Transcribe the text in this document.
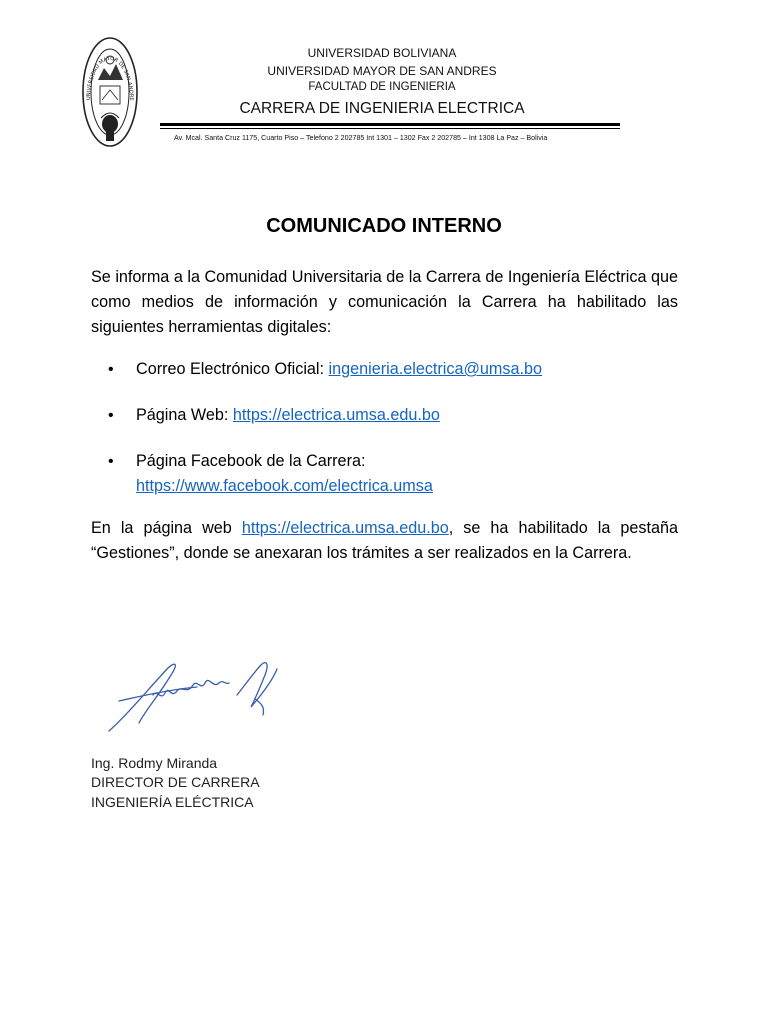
UNIVERSIDAD MAYOR DE SAN ANDRE
UNIVERSIDAD BOLIVIANA
UNIVERSIDAD MAYOR DE SAN ANDRES
FACULTAD DE INGENIERIA
CARRERA DE INGENIERIA ELECTRICA
Av. Mcal. Santa Cruz 1175, Cuarto Piso – Telefono 2 202785 Int 1301 – 1302 Fax 2 202785 – Int 1308 La Paz – Bolivia
COMUNICADO INTERNO
Se informa a la Comunidad Universitaria de la Carrera de Ingeniería Eléctrica que como medios de información y comunicación la Carrera ha habilitado las siguientes herramientas digitales:
• Correo Electrónico Oficial: ingenieria.electrica@umsa.bo
• Página Web: https://electrica.umsa.edu.bo
• Página Facebook de la Carrera:
https://www.facebook.com/electrica.umsa
En la página web https://electrica.umsa.edu.bo, se ha habilitado la pestaña “Gestiones”, donde se anexaran los trámites a ser realizados en la Carrera.
Ing. Rodmy Miranda
DIRECTOR DE CARRERA
INGENIERÍA ELÉCTRICA
